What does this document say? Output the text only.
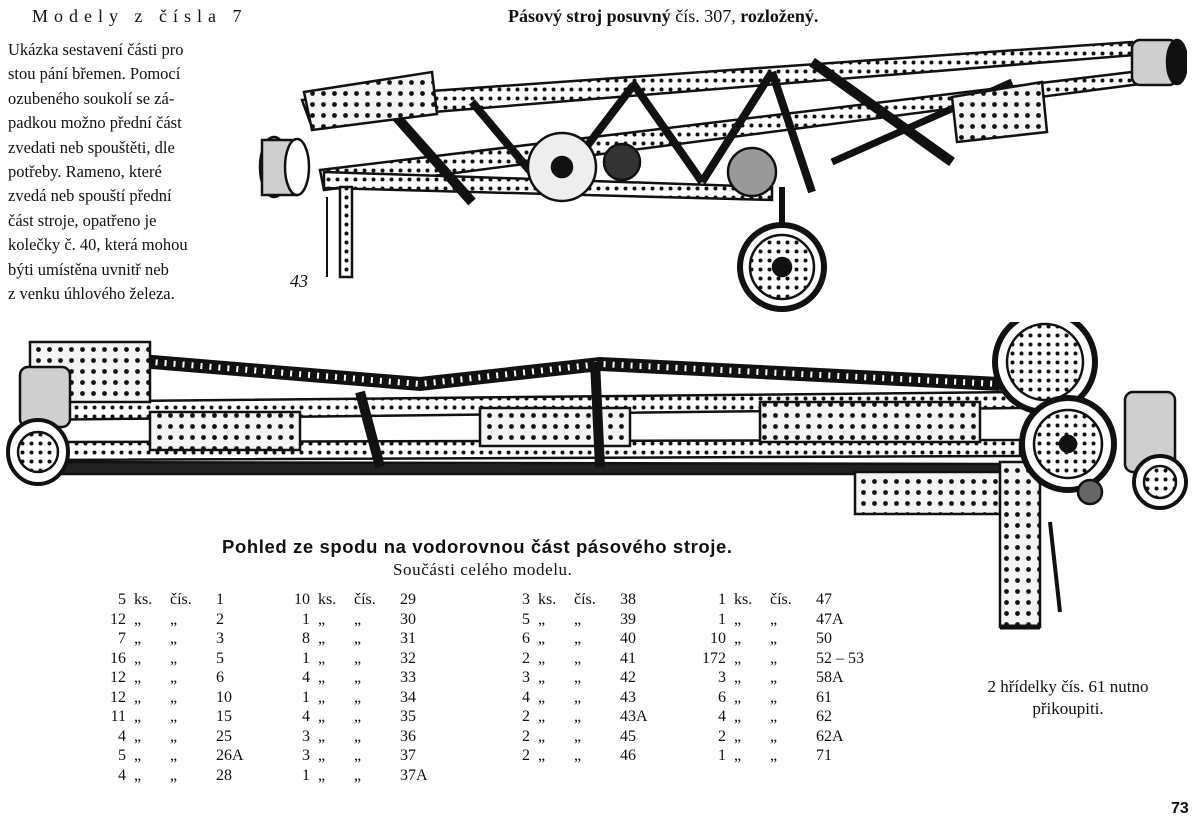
Modely z čísla 7	Pásový stroj posuvný čís. 307, rozložený.
Ukázka sestavení části pro
stou pání břemen. Pomocí
ozubeného soukolí se zá-
padkou možno přední část
zvedati neb spouštěti, dle
potřeby. Rameno, které
zvedá neb spouští přední
část stroje, opatřeno je
kolečky č. 40, která mohou
býti umístěna uvnitř neb
z venku úhlového železa.
43
Pohled ze spodu na vodorovnou část pásového stroje.
Součásti celého modelu.
5 ks. čís. 1
12 „ „ 2
7 „ „ 3
16 „ „ 5
12 „ „ 6
12 „ „ 10
11 „ „ 15
4 „ „ 25
5 „ „ 26A
4 „ „ 28
10 ks. čís. 29
1 „ „ 30
8 „ „ 31
1 „ „ 32
4 „ „ 33
1 „ „ 34
4 „ „ 35
3 „ „ 36
3 „ „ 37
1 „ „ 37A
3 ks. čís. 38
5 „ „ 39
6 „ „ 40
2 „ „ 41
3 „ „ 42
4 „ „ 43
2 „ „ 43A
2 „ „ 45
2 „ „ 46
1 ks. čís. 47
1 „ „ 47A
10 „ „ 50
172 „ „ 52 – 53
3 „ „ 58A
6 „ „ 61
4 „ „ 62
2 „ „ 62A
1 „ „ 71
2 hřídelky čís. 61 nutno přikoupiti.
73
